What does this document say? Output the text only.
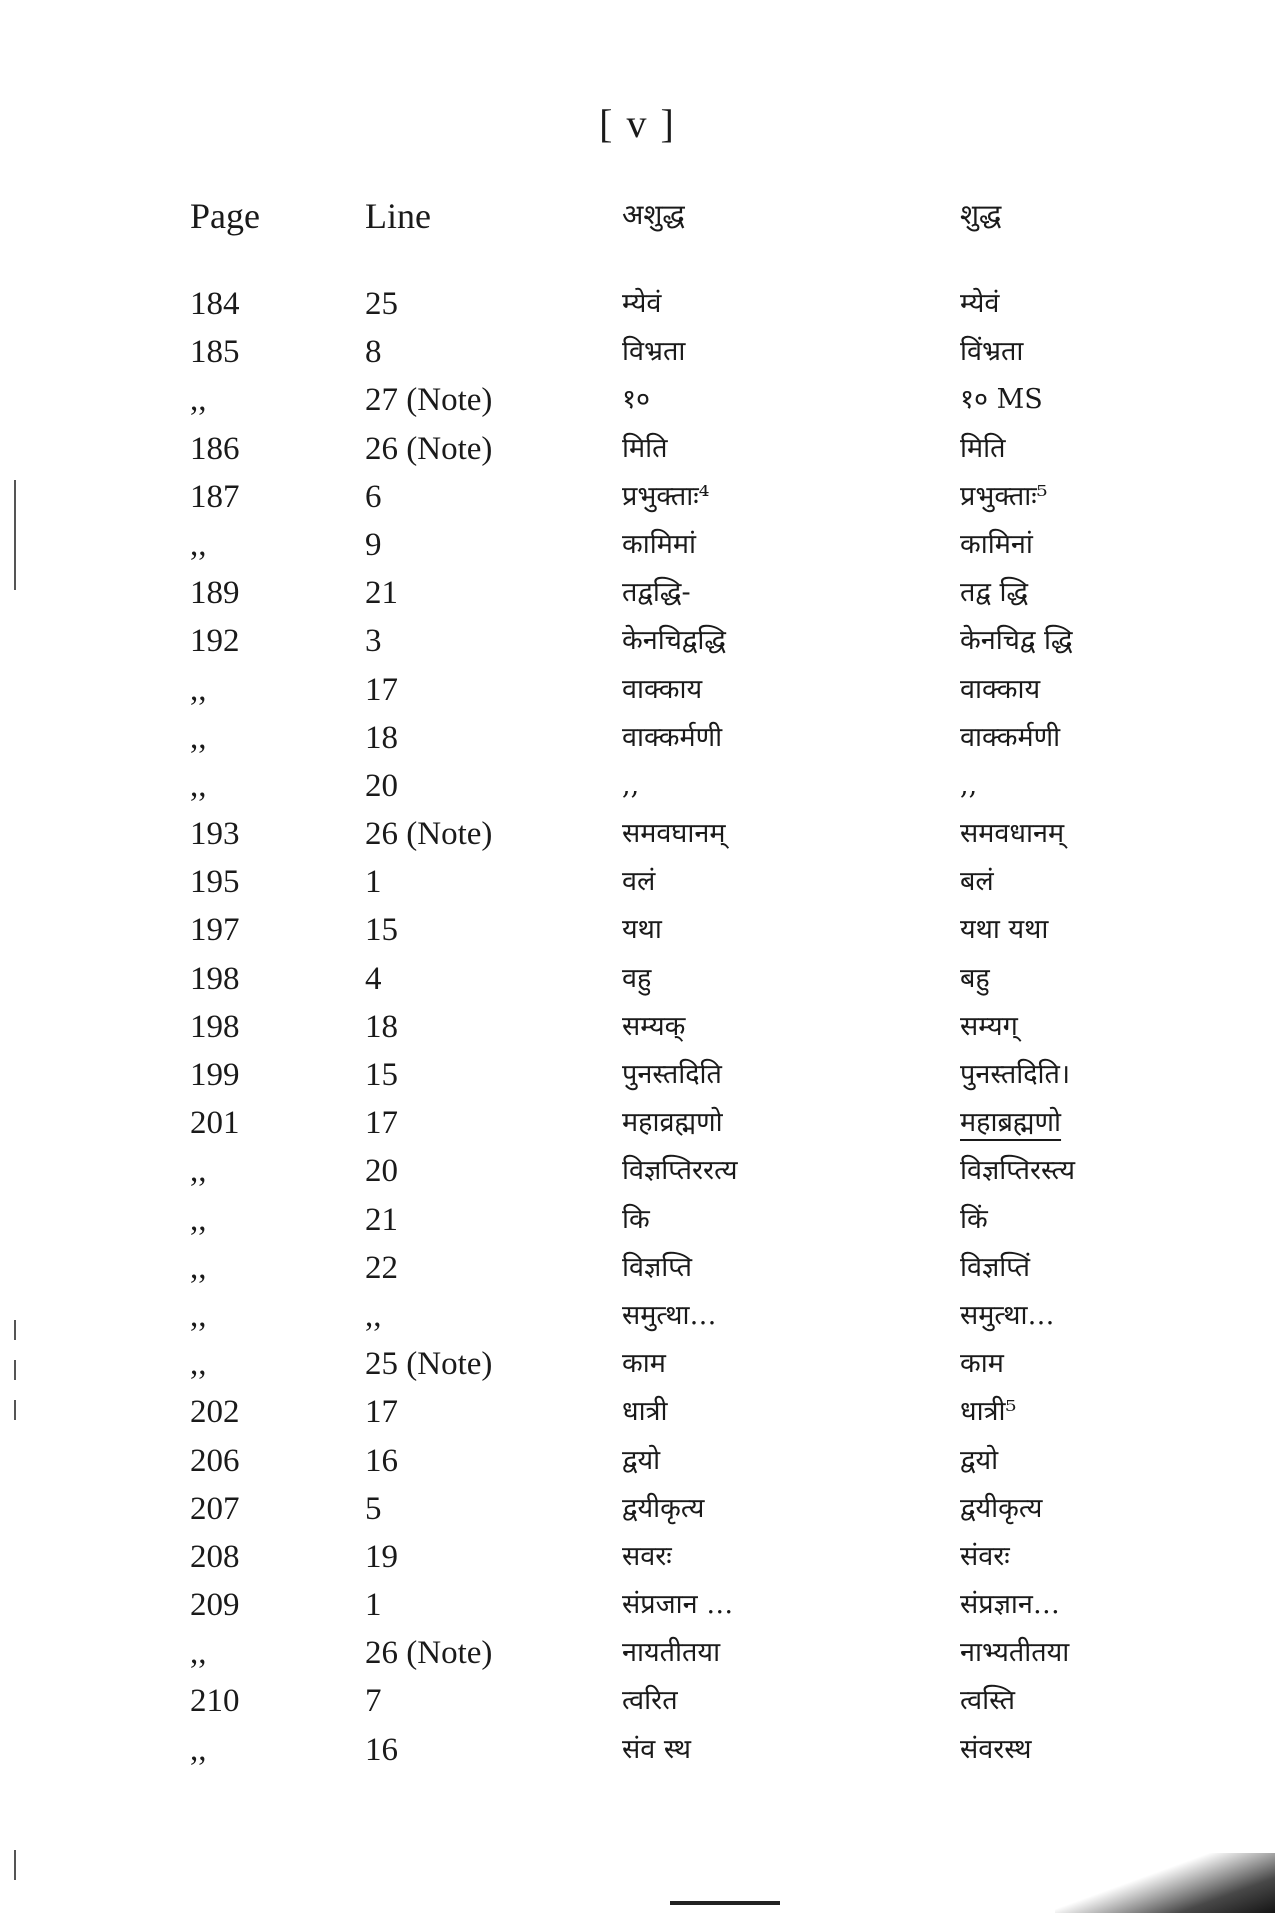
[ v ]
Page	Line	अशुद्ध	शुद्ध
184	25	म्येवं	म्येवं
185	8	विभ्रता	विंभ्रता
,,	27 (Note)	१०	१० MS
186	26 (Note)	मिति	मिति
187	6	प्रभुक्ताः⁴	प्रभुक्ताः⁵
,,	9	कामिमां	कामिनां
189	21	तद्वद्धि-	तद्व द्धि
192	3	केनचिद्वद्धि	केनचिद्व द्धि
,,	17	वाक्काय	वाक्काय
,,	18	वाक्कर्मणी	वाक्कर्मणी
,,	20	,,	,,
193	26 (Note)	समवघानम्	समवधानम्
195	1	वलं	बलं
197	15	यथा	यथा यथा
198	4	वहु	बहु
198	18	सम्यक्	सम्यग्
199	15	पुनस्तदिति	पुनस्तदिति।
201	17	महाव्रह्मणो	महाब्रह्मणो
,,	20	विज्ञप्तिररत्य	विज्ञप्तिरस्त्य
,,	21	कि	किं
,,	22	विज्ञप्ति	विज्ञप्तिं
,,	,,	समुत्था…	समुत्था…
,,	25 (Note)	काम	काम
202	17	धात्री	धात्री⁵
206	16	द्वयो	द्वयो
207	5	द्वयीकृत्य	द्वयीकृत्य
208	19	सवरः	संवरः
209	1	संप्रजान …	संप्रज्ञान…
,,	26 (Note)	नायतीतया	नाभ्यतीतया
210	7	त्वरित	त्वस्ति
,,	16	संव स्थ	संवरस्थ
